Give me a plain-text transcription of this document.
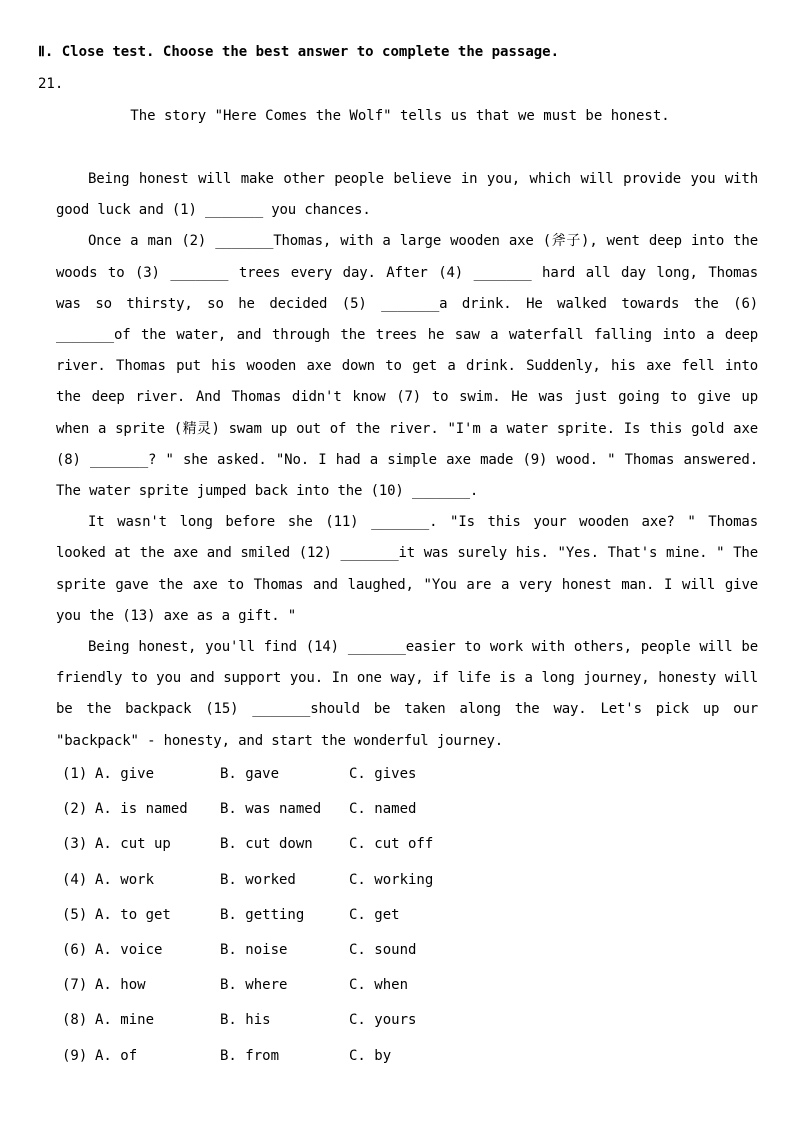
Ⅱ. Close test. Choose the best answer to complete the passage.
21.
The story "Here Comes the Wolf" tells us that we must be honest.

Being honest will make other people believe in you, which will provide you with good luck and (1) _______ you chances.

Once a man (2) _______Thomas, with a large wooden axe (斧子), went deep into the woods to (3) _______ trees every day. After (4) _______ hard all day long, Thomas was so thirsty, so he decided (5) _______a drink. He walked towards the (6) _______of the water, and through the trees he saw a waterfall falling into a deep river. Thomas put his wooden axe down to get a drink. Suddenly, his axe fell into the deep river. And Thomas didn't know (7) to swim. He was just going to give up when a sprite (精灵) swam up out of the river. "I'm a water sprite. Is this gold axe (8) _______? " she asked. "No. I had a simple axe made (9) wood. " Thomas answered. The water sprite jumped back into the (10) _______.

It wasn't long before she (11) _______. "Is this your wooden axe? " Thomas looked at the axe and smiled (12) _______it was surely his. "Yes. That's mine. " The sprite gave the axe to Thomas and laughed, "You are a very honest man. I will give you the (13) axe as a gift. "

Being honest, you'll find (14) _______easier to work with others, people will be friendly to you and support you. In one way, if life is a long journey, honesty will be the backpack (15) _______should be taken along the way. Let's pick up our "backpack" - honesty, and start the wonderful journey.

(1) A. give	B. gave	C. gives
(2) A. is named B. was named C. named
(3) A. cut up	B. cut down	C. cut off
(4) A. work	B. worked	C. working
(5) A. to get	B. getting	C. get
(6) A. voice	B. noise	C. sound
(7) A. how	B. where	C. when
(8) A. mine	B. his	C. yours
(9) A. of	B. from	C. by
